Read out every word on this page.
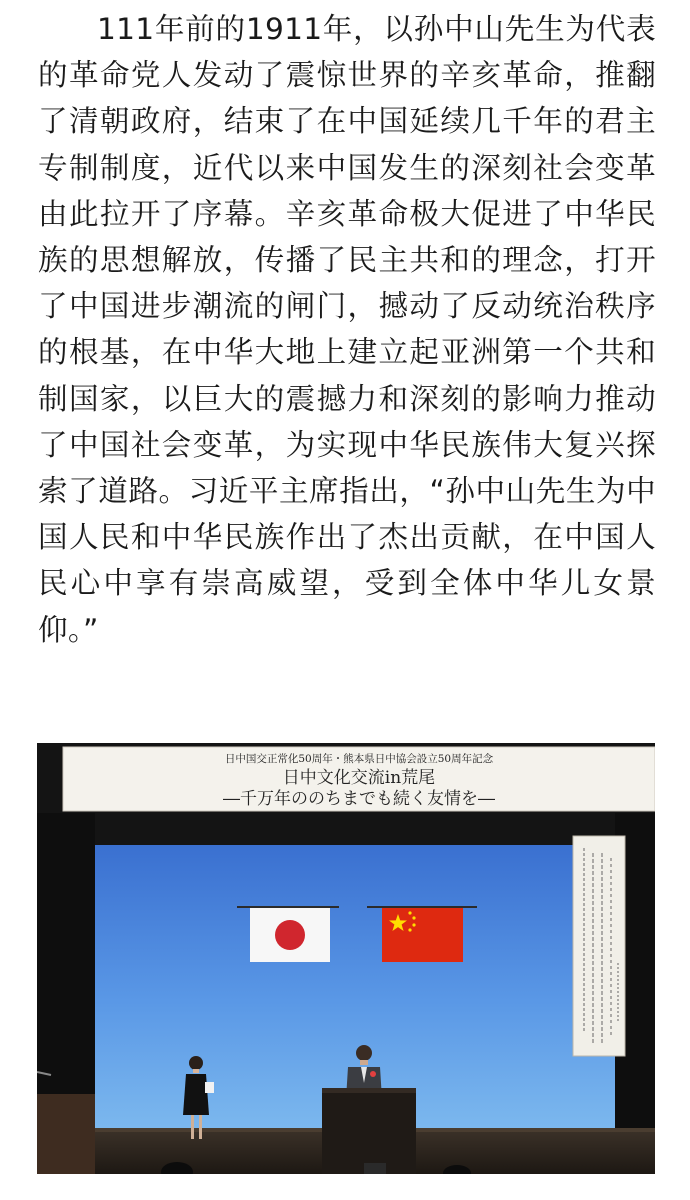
111年前的1911年，以孙中山先生为代表的革命党人发动了震惊世界的辛亥革命，推翻了清朝政府，结束了在中国延续几千年的君主专制制度，近代以来中国发生的深刻社会变革由此拉开了序幕。辛亥革命极大促进了中华民族的思想解放，传播了民主共和的理念，打开了中国进步潮流的闸门，撼动了反动统治秩序的根基，在中华大地上建立起亚洲第一个共和制国家，以巨大的震撼力和深刻的影响力推动了中国社会变革，为实现中华民族伟大复兴探索了道路。习近平主席指出，“孙中山先生为中国人民和中华民族作出了杰出贡献，在中国人民心中享有崇高威望，受到全体中华儿女景仰。”

日中国交正常化50周年・熊本県日中協会設立50周年記念
日中文化交流in荒尾
―千万年ののちまでも続く友情を―
